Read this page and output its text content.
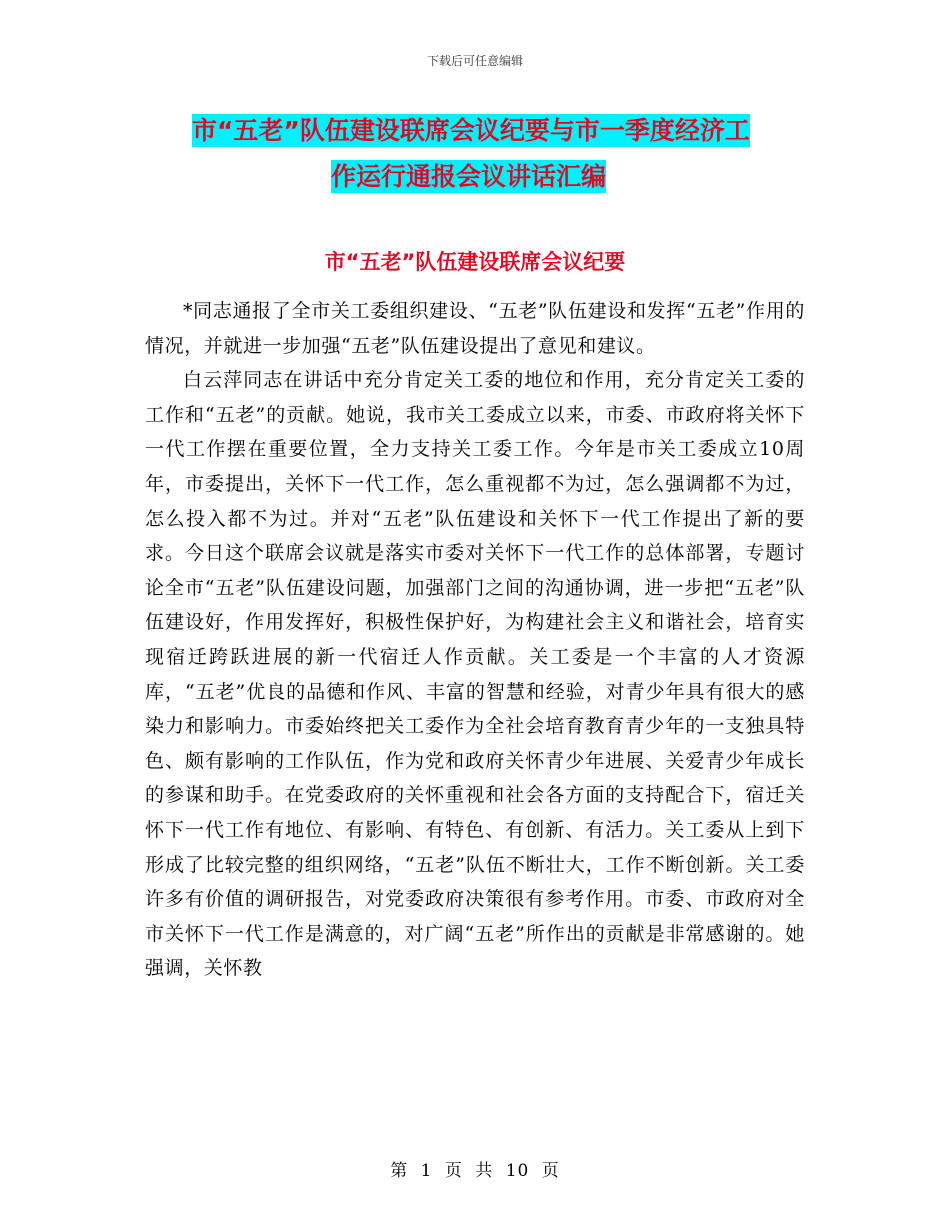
下载后可任意编辑
市“五老”队伍建设联席会议纪要与市一季度经济工
作运行通报会议讲话汇编
市“五老”队伍建设联席会议纪要

*同志通报了全市关工委组织建设、“五老”队伍建设和发挥“五老”作用的情况，并就进一步加强“五老”队伍建设提出了意见和建议。

白云萍同志在讲话中充分肯定关工委的地位和作用，充分肯定关工委的工作和“五老”的贡献。她说，我市关工委成立以来，市委、市政府将关怀下一代工作摆在重要位置，全力支持关工委工作。今年是市关工委成立10周年，市委提出，关怀下一代工作，怎么重视都不为过，怎么强调都不为过，怎么投入都不为过。并对“五老”队伍建设和关怀下一代工作提出了新的要求。今日这个联席会议就是落实市委对关怀下一代工作的总体部署，专题讨论全市“五老”队伍建设问题，加强部门之间的沟通协调，进一步把“五老”队伍建设好，作用发挥好，积极性保护好，为构建社会主义和谐社会，培育实现宿迁跨跃进展的新一代宿迁人作贡献。关工委是一个丰富的人才资源库，“五老”优良的品德和作风、丰富的智慧和经验，对青少年具有很大的感染力和影响力。市委始终把关工委作为全社会培育教育青少年的一支独具特色、颇有影响的工作队伍，作为党和政府关怀青少年进展、关爱青少年成长的参谋和助手。在党委政府的关怀重视和社会各方面的支持配合下，宿迁关怀下一代工作有地位、有影响、有特色、有创新、有活力。关工委从上到下形成了比较完整的组织网络，“五老”队伍不断壮大，工作不断创新。关工委许多有价值的调研报告，对党委政府决策很有参考作用。市委、市政府对全市关怀下一代工作是满意的，对广阔“五老”所作出的贡献是非常感谢的。她强调，关怀教

第 1 页 共 10 页
